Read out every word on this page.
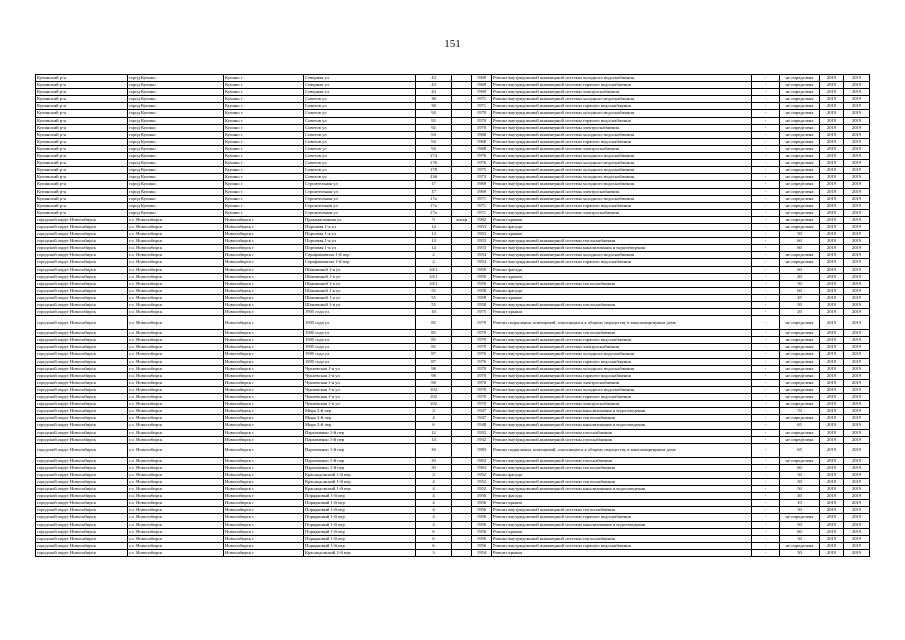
151
Купинский р-н	город Купино	Купино г	Северная ул	43		1969	Ремонт внутридомовой инженерной системы холодного водоснабжения	-	не определена	2019	2019
Купинский р-н	город Купино	Купино г	Северная ул	43		1969	Ремонт внутридомовой инженерной системы горячего водоснабжения	-	не определена	2019	2019
Купинский р-н	город Купино	Купино г	Северная ул	43		1969	Ремонт внутридомовой инженерной системы электроснабжения	-	не определена	2019	2019
Купинский р-н	город Купино	Купино г	Советов ул	38		1971	Ремонт внутридомовой инженерной системы холодного водоснабжения	-	не определена	2019	2019
Купинский р-н	город Купино	Купино г	Советов ул	38		1971	Ремонт внутридомовой инженерной системы горячего водоснабжения	-	не определена	2019	2019
Купинский р-н	город Купино	Купино г	Советов ул	92		1970	Ремонт внутридомовой инженерной системы холодного водоснабжения	-	не определена	2019	2019
Купинский р-н	город Купино	Купино г	Советов ул	92		1970	Ремонт внутридомовой инженерной системы горячего водоснабжения	-	не определена	2019	2019
Купинский р-н	город Купино	Купино г	Советов ул	92		1970	Ремонт внутридомовой инженерной системы электроснабжения	-	не определена	2019	2019
Купинский р-н	город Купино	Купино г	Советов ул	94		1968	Ремонт внутридомовой инженерной системы холодного водоснабжения	-	не определена	2019	2019
Купинский р-н	город Купино	Купино г	Советов ул	94		1968	Ремонт внутридомовой инженерной системы горячего водоснабжения	-	не определена	2019	2019
Купинский р-н	город Купино	Купино г	Советов ул	94		1968	Ремонт внутридомовой инженерной системы электроснабжения	-	не определена	2019	2019
Купинский р-н	город Купино	Купино г	Советов ул	174		1976	Ремонт внутридомовой инженерной системы холодного водоснабжения	-	не определена	2019	2019
Купинский р-н	город Купино	Купино г	Советов ул	176		1976	Ремонт внутридомовой инженерной системы холодного водоснабжения	-	не определена	2019	2019
Купинский р-н	город Купино	Купино г	Советов ул	178		1975	Ремонт внутридомовой инженерной системы холодного водоснабжения	-	не определена	2019	2019
Купинский р-н	город Купино	Купино г	Советов ул	236		1973	Ремонт внутридомовой инженерной системы холодного водоснабжения	-	не определена	2019	2019
Купинский р-н	город Купино	Купино г	Строительная ул	17		1969	Ремонт внутридомовой инженерной системы холодного водоснабжения	-	не определена	2019	2019
Купинский р-н	город Купино	Купино г	Строительная ул	17		1969	Ремонт внутридомовой инженерной системы электроснабжения	-	не определена	2019	2019
Купинский р-н	город Купино	Купино г	Строительная ул	17а		1971	Ремонт внутридомовой инженерной системы холодного водоснабжения	-	не определена	2019	2019
Купинский р-н	город Купино	Купино г	Строительная ул	17а		1971	Ремонт внутридомовой инженерной системы горячего водоснабжения	-	не определена	2019	2019
Купинский р-н	город Купино	Купино г	Строительная ул	17а		1971	Ремонт внутридомовой инженерной системы электроснабжения	-	не определена	2019	2019
городской округ Новосибирск	г.о. Новосибирск	Новосибирск г	Промышленная ул	9	литер	1982	Ремонт крыши	-	не определена	2019	2019
городской округ Новосибирск	г.о. Новосибирск	Новосибирск г	Портовая 1-я ул	14		1953	Ремонт фасада	-	не определена	2019	2019
городской округ Новосибирск	г.о. Новосибирск	Новосибирск г	Портовая 1-я ул	14		1953	Ремонт крыши	-	50	2019	2019
городской округ Новосибирск	г.о. Новосибирск	Новосибирск г	Портовая 1-я ул	14		1953	Ремонт внутридомовой инженерной системы теплоснабжения	-	60	2019	2019
городской округ Новосибирск	г.о. Новосибирск	Новосибирск г	Портовая 1-я ул	14		1953	Ремонт внутридомовой инженерной системы канализования и водоотведения	-	60	2019	2019
городской округ Новосибирск	г.о. Новосибирск	Новосибирск г	Серафимовича 1-й пер	2		1954	Ремонт внутридомовой инженерной системы холодного водоснабжения	-	не определена	2019	2019
городской округ Новосибирск	г.о. Новосибирск	Новосибирск г	Серафимовича 1-й пер	2		1954	Ремонт внутридомовой инженерной системы горячего водоснабжения	-	не определена	2019	2019
городской округ Новосибирск	г.о. Новосибирск	Новосибирск г	Шамшиной 1-я ул	43/1		1959	Ремонт фасада	-	60	2019	2019
городской округ Новосибирск	г.о. Новосибирск	Новосибирск г	Шамшиной 1-я ул	43/1		1959	Ремонт крыши	-	40	2019	2019
городской округ Новосибирск	г.о. Новосибирск	Новосибирск г	Шамшиной 1-я ул	43/1		1959	Ремонт внутридомовой инженерной системы теплоснабжения	-	50	2019	2019
городской округ Новосибирск	г.о. Новосибирск	Новосибирск г	Шамшиной 1-я ул	55		1958	Ремонт фасада	-	60	2019	2019
городской округ Новосибирск	г.о. Новосибирск	Новосибирск г	Шамшиной 1-я ул	55		1958	Ремонт крыши	-	45	2019	2019
городской округ Новосибирск	г.о. Новосибирск	Новосибирск г	Шамшиной 1-я ул	55		1958	Ремонт внутридомовой инженерной системы теплоснабжения	-	50	2019	2019
городской округ Новосибирск	г.о. Новосибирск	Новосибирск г	1905 года ул	10		1975	Ремонт крыши	-	20	2019	2019
городской округ Новосибирск	г.о. Новосибирск	Новосибирск г	1905 года ул	85		1979	Ремонт подвальных помещений, относящихся к общему имуществу в многоквартирном доме	-	не определена	2019	2019
городской округ Новосибирск	г.о. Новосибирск	Новосибирск г	1905 года ул	85		1979	Ремонт внутридомовой инженерной системы теплоснабжения	-	не определена	2019	2019
городской округ Новосибирск	г.о. Новосибирск	Новосибирск г	1905 года ул	85		1979	Ремонт внутридомовой инженерной системы горячего водоснабжения	-	не определена	2019	2019
городской округ Новосибирск	г.о. Новосибирск	Новосибирск г	1905 года ул	85		1979	Ремонт внутридомовой инженерной системы электроснабжения	-	не определена	2019	2019
городской округ Новосибирск	г.о. Новосибирск	Новосибирск г	1905 года ул	87		1976	Ремонт внутридомовой инженерной системы холодного водоснабжения	-	не определена	2019	2019
городской округ Новосибирск	г.о. Новосибирск	Новосибирск г	1905 года ул	87		1976	Ремонт внутридомовой инженерной системы горячего водоснабжения	-	не определена	2019	2019
городской округ Новосибирск	г.о. Новосибирск	Новосибирск г	Чукаевская 1-я ул	98		1970	Ремонт внутридомовой инженерной системы холодного водоснабжения	-	не определена	2019	2019
городской округ Новосибирск	г.о. Новосибирск	Новосибирск г	Чукаевская 1-я ул	98		1970	Ремонт внутридомовой инженерной системы горячего водоснабжения	-	не определена	2019	2019
городской округ Новосибирск	г.о. Новосибирск	Новосибирск г	Чукаевская 1-я ул	98		1970	Ремонт внутридомовой инженерной системы электроснабжения	-	не определена	2019	2019
городской округ Новосибирск	г.о. Новосибирск	Новосибирск г	Чукаевская 1-я ул	102		1970	Ремонт внутридомовой инженерной системы холодного водоснабжения	-	не определена	2019	2019
городской округ Новосибирск	г.о. Новосибирск	Новосибирск г	Чукаевская 1-я ул	102		1970	Ремонт внутридомовой инженерной системы горячего водоснабжения	-	не определена	2019	2019
городской округ Новосибирск	г.о. Новосибирск	Новосибирск г	Чукаевская 1-я ул	102		1970	Ремонт внутридомовой инженерной системы электроснабжения	-	не определена	2019	2019
городской округ Новосибирск	г.о. Новосибирск	Новосибирск г	Мира 2-й пер	4		1947	Ремонт внутридомовой инженерной системы канализования и водоотведения	-	70	2019	2019
городской округ Новосибирск	г.о. Новосибирск	Новосибирск г	Мира 2-й пер	4		1947	Ремонт внутридомовой инженерной системы теплоснабжения	-	не определена	2019	2019
городской округ Новосибирск	г.о. Новосибирск	Новосибирск г	Мира 2-й пер	6		1948	Ремонт внутридомовой инженерной системы канализования и водоотведения	-	65	2019	2019
городской округ Новосибирск	г.о. Новосибирск	Новосибирск г	Пархоменко 1-й пер	12		1952	Ремонт внутридомовой инженерной системы газоснабжения	-	не определена	2019	2019
городской округ Новосибирск	г.о. Новосибирск	Новосибирск г	Пархоменко 1-й пер	14		1932	Ремонт внутридомовой инженерной системы газоснабжения	-	не определена	2019	2019
городской округ Новосибирск	г.о. Новосибирск	Новосибирск г	Пархоменко 1-й пер	30		1983	Ремонт подвальных помещений, относящихся к общему имуществу в многоквартирном доме	-	65	2019	2019
городской округ Новосибирск	г.о. Новосибирск	Новосибирск г	Пархоменко 1-й пер	30		1963	Ремонт внутридомовой инженерной системы газоснабжения	-	не определена	2019	2019
городской округ Новосибирск	г.о. Новосибирск	Новосибирск г	Пархоменко 1-й пер	30		1963	Ремонт внутридомовой инженерной системы теплоснабжения	-	60	2019	2019
городской округ Новосибирск	г.о. Новосибирск	Новосибирск г	Краснодонский 1-й пер	4		1952	Ремонт фасада	-	50	2019	2019
городской округ Новосибирск	г.о. Новосибирск	Новосибирск г	Краснодонский 1-й пер	4		1952	Ремонт внутридомовой инженерной системы теплоснабжения	-	50	2019	2019
городской округ Новосибирск	г.о. Новосибирск	Новосибирск г	Краснодонский 1-й пер	4		1952	Ремонт внутридомовой инженерной системы канализования и водоотведения	-	50	2019	2019
городской округ Новосибирск	г.о. Новосибирск	Новосибирск г	Порядковый 1-й пер	4		1956	Ремонт фасада	-	40	2019	2019
городской округ Новосибирск	г.о. Новосибирск	Новосибирск г	Порядковый 1-й пер	4		1956	Ремонт крыши	-	10	2019	2019
городской округ Новосибирск	г.о. Новосибирск	Новосибирск г	Порядковый 1-й пер	4		1956	Ремонт внутридомовой инженерной системы теплоснабжения	-	50	2019	2019
городской округ Новосибирск	г.о. Новосибирск	Новосибирск г	Порядковый 1-й пер	4		1956	Ремонт внутридомовой инженерной системы горячего водоснабжения	-	не определена	2019	2019
городской округ Новосибирск	г.о. Новосибирск	Новосибирск г	Порядковый 1-й пер	4		1956	Ремонт внутридомовой инженерной системы канализования и водоотведения	-	50	2019	2019
городской округ Новосибирск	г.о. Новосибирск	Новосибирск г	Порядковый 1-й пер	6		1956	Ремонт крыши	-	60	2019	2019
городской округ Новосибирск	г.о. Новосибирск	Новосибирск г	Порядковый 1-й пер	6		1956	Ремонт внутридомовой инженерной системы теплоснабжения	-	50	2019	2019
городской округ Новосибирск	г.о. Новосибирск	Новосибирск г	Порядковый 1-й пер	6		1956	Ремонт внутридомовой инженерной системы горячего водоснабжения	-	не определена	2019	2019
городской округ Новосибирск	г.о. Новосибирск	Новосибирск г	Краснодонский 2-й пер	3		1954	Ремонт крыши	-	50	2019	2019
